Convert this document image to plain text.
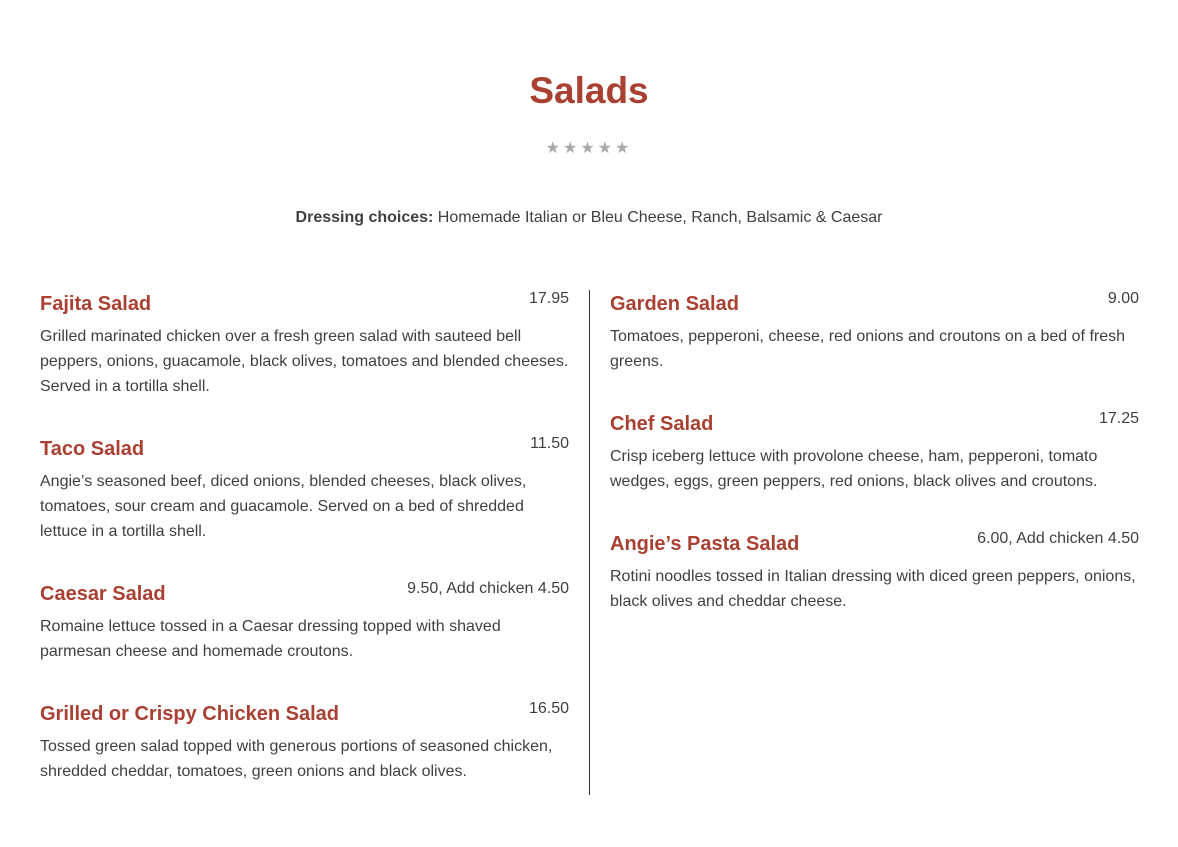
Salads
★★★★★
Dressing choices: Homemade Italian or Bleu Cheese, Ranch, Balsamic & Caesar
Fajita Salad	17.95

Grilled marinated chicken over a fresh green salad with sauteed bell peppers, onions, guacamole, black olives, tomatoes and blended cheeses. Served in a tortilla shell.

Taco Salad	11.50

Angie’s seasoned beef, diced onions, blended cheeses, black olives, tomatoes, sour cream and guacamole. Served on a bed of shredded lettuce in a tortilla shell.

Caesar Salad	9.50, Add chicken 4.50

Romaine lettuce tossed in a Caesar dressing topped with shaved parmesan cheese and homemade croutons.

Grilled or Crispy Chicken Salad	16.50

Tossed green salad topped with generous portions of seasoned chicken, shredded cheddar, tomatoes, green onions and black olives.

Garden Salad	9.00

Tomatoes, pepperoni, cheese, red onions and croutons on a bed of fresh greens.

Chef Salad	17.25

Crisp iceberg lettuce with provolone cheese, ham, pepperoni, tomato wedges, eggs, green peppers, red onions, black olives and croutons.

Angie’s Pasta Salad	6.00, Add chicken 4.50

Rotini noodles tossed in Italian dressing with diced green peppers, onions, black olives and cheddar cheese.
